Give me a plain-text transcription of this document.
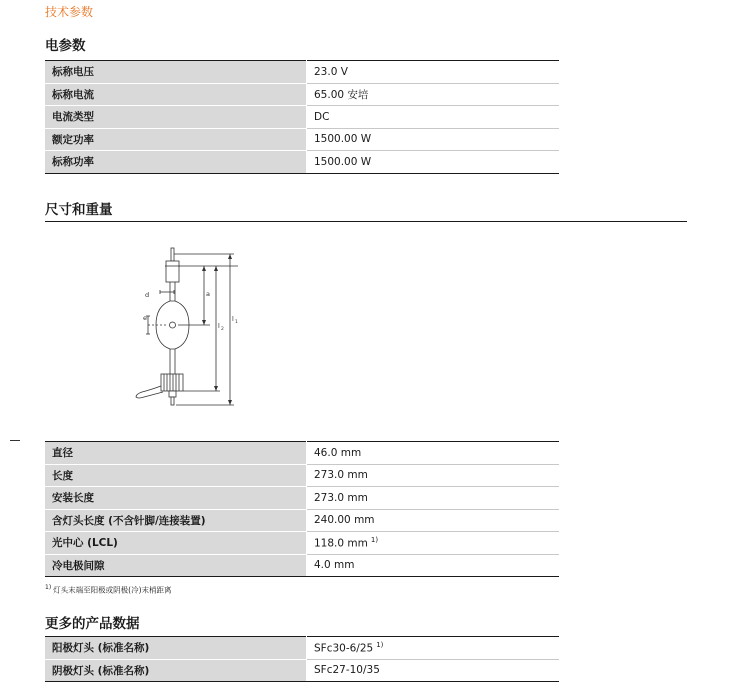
技术参数
电参数
标称电压	23.0 V
标称电流	65.00 安培
电流类型	DC
额定功率	1500.00 W
标称功率	1500.00 W
尺寸和重量
d
e
a
l 2
l 1
直径	46.0 mm
长度	273.0 mm
安装长度	273.0 mm
含灯头长度 (不含针脚/连接装置)	240.00 mm
光中心 (LCL)	118.0 mm $^{1)}$
冷电极间隙	4.0 mm
$^{1)}$ 灯头末端至阳极或阴极(冷)末梢距离
更多的产品数据
阳极灯头 (标准名称)	SFc30-6/25 $^{1)}$
阴极灯头 (标准名称)	SFc27-10/35
